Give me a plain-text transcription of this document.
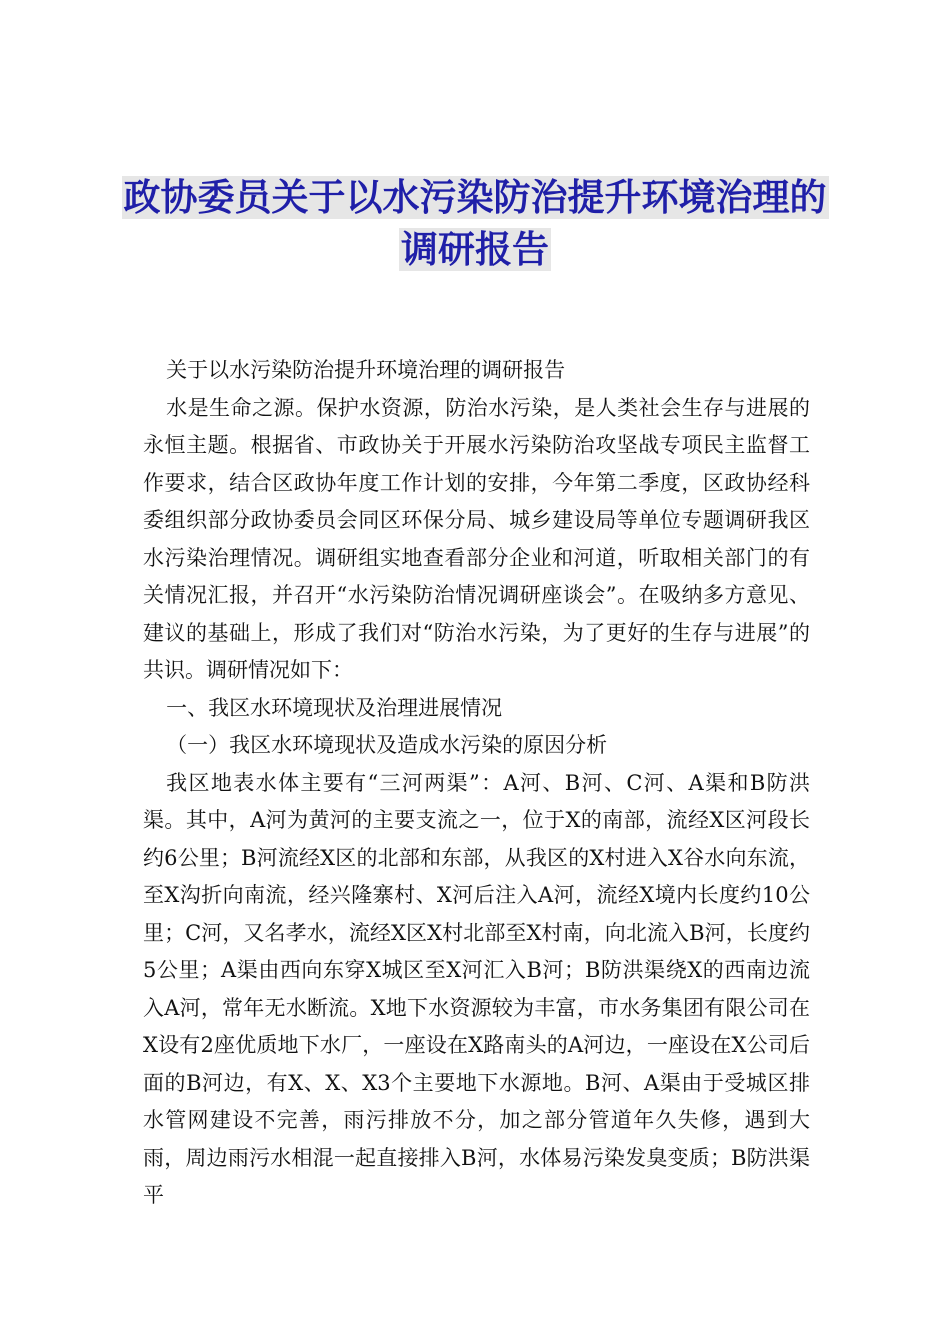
政协委员关于以水污染防治提升环境治理的调研报告

关于以水污染防治提升环境治理的调研报告

水是生命之源。保护水资源，防治水污染，是人类社会生存与进展的永恒主题。根据省、市政协关于开展水污染防治攻坚战专项民主监督工作要求，结合区政协年度工作计划的安排，今年第二季度，区政协经科委组织部分政协委员会同区环保分局、城乡建设局等单位专题调研我区水污染治理情况。调研组实地查看部分企业和河道，听取相关部门的有关情况汇报，并召开“水污染防治情况调研座谈会”。在吸纳多方意见、建议的基础上，形成了我们对“防治水污染，为了更好的生存与进展”的共识。调研情况如下：

一、我区水环境现状及治理进展情况

（一）我区水环境现状及造成水污染的原因分析

我区地表水体主要有“三河两渠”：A河、B河、C河、A渠和B防洪渠。其中，A河为黄河的主要支流之一，位于X的南部，流经X区河段长约6公里；B河流经X区的北部和东部，从我区的X村进入X谷水向东流，至X沟折向南流，经兴隆寨村、X河后注入A河，流经X境内长度约10公里；C河，又名孝水，流经X区X村北部至X村南，向北流入B河，长度约5公里；A渠由西向东穿X城区至X河汇入B河；B防洪渠绕X的西南边流入A河，常年无水断流。X地下水资源较为丰富，市水务集团有限公司在X设有2座优质地下水厂，一座设在X路南头的A河边，一座设在X公司后面的B河边，有X、X、X3个主要地下水源地。B河、A渠由于受城区排水管网建设不完善，雨污排放不分，加之部分管道年久失修，遇到大雨，周边雨污水相混一起直接排入B河，水体易污染发臭变质；B防洪渠平
